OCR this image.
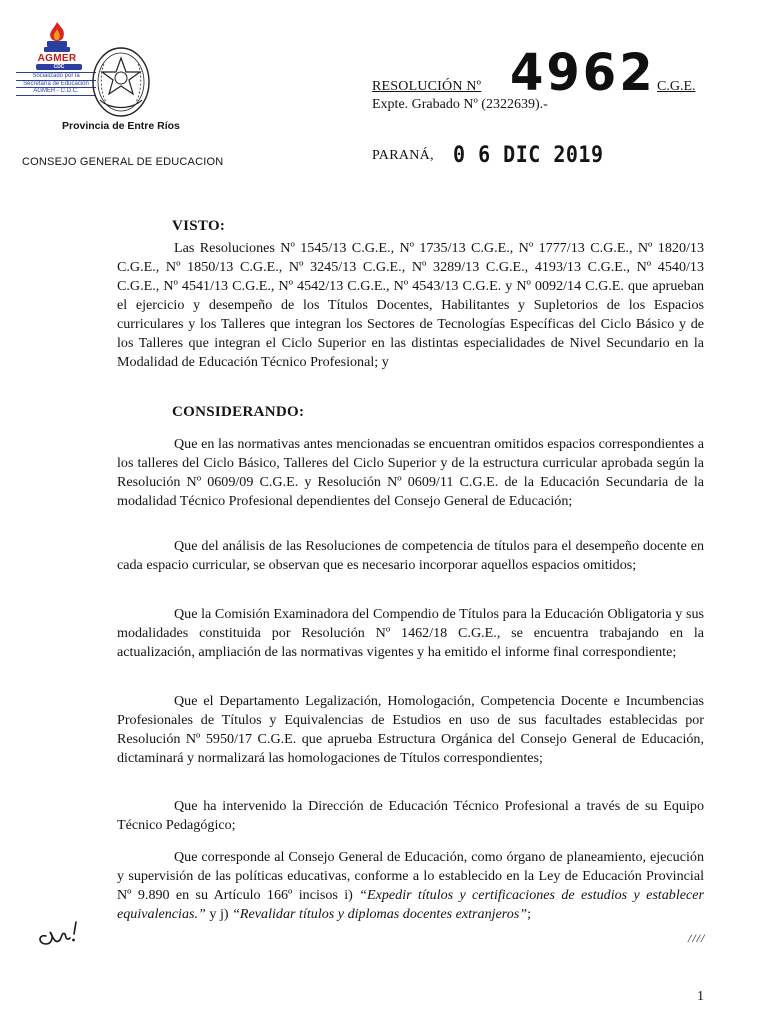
AGMER
CDC
Socializado por la
Secretaría de Educación
AGMER - C.D.C.
Provincia de Entre Ríos
CONSEJO GENERAL DE EDUCACION
RESOLUCIÓN Nº 4962 C.G.E.
Expte. Grabado Nº (2322639).-
PARANÁ, 0 6 DIC 2019
VISTO:
Las Resoluciones Nº 1545/13 C.G.E., Nº 1735/13 C.G.E., Nº 1777/13 C.G.E., Nº 1820/13 C.G.E., Nº 1850/13 C.G.E., Nº 3245/13 C.G.E., Nº 3289/13 C.G.E., 4193/13 C.G.E., Nº 4540/13 C.G.E., Nº 4541/13 C.G.E., Nº 4542/13 C.G.E., Nº 4543/13 C.G.E. y Nº 0092/14 C.G.E. que aprueban el ejercicio y desempeño de los Títulos Docentes, Habilitantes y Supletorios de los Espacios curriculares y los Talleres que integran los Sectores de Tecnologías Específicas del Ciclo Básico y de los Talleres que integran el Ciclo Superior en las distintas especialidades de Nivel Secundario en la Modalidad de Educación Técnico Profesional; y
CONSIDERANDO:
Que en las normativas antes mencionadas se encuentran omitidos espacios correspondientes a los talleres del Ciclo Básico, Talleres del Ciclo Superior y de la estructura curricular aprobada según la Resolución Nº 0609/09 C.G.E. y Resolución Nº 0609/11 C.G.E. de la Educación Secundaria de la modalidad Técnico Profesional dependientes del Consejo General de Educación;
Que del análisis de las Resoluciones de competencia de títulos para el desempeño docente en cada espacio curricular, se observan que es necesario incorporar aquellos espacios omitidos;
Que la Comisión Examinadora del Compendio de Títulos para la Educación Obligatoria y sus modalidades constituida por Resolución Nº 1462/18 C.G.E., se encuentra trabajando en la actualización, ampliación de las normativas vigentes y ha emitido el informe final correspondiente;
Que el Departamento Legalización, Homologación, Competencia Docente e Incumbencias Profesionales de Títulos y Equivalencias de Estudios en uso de sus facultades establecidas por Resolución Nº 5950/17 C.G.E. que aprueba Estructura Orgánica del Consejo General de Educación, dictaminará y normalizará las homologaciones de Títulos correspondientes;
Que ha intervenido la Dirección de Educación Técnico Profesional a través de su Equipo Técnico Pedagógico;
Que corresponde al Consejo General de Educación, como órgano de planeamiento, ejecución y supervisión de las políticas educativas, conforme a lo establecido en la Ley de Educación Provincial Nº 9.890 en su Artículo 166º incisos i) “Expedir títulos y certificaciones de estudios y establecer equivalencias.” y j) “Revalidar títulos y diplomas docentes extranjeros”;
////
1
